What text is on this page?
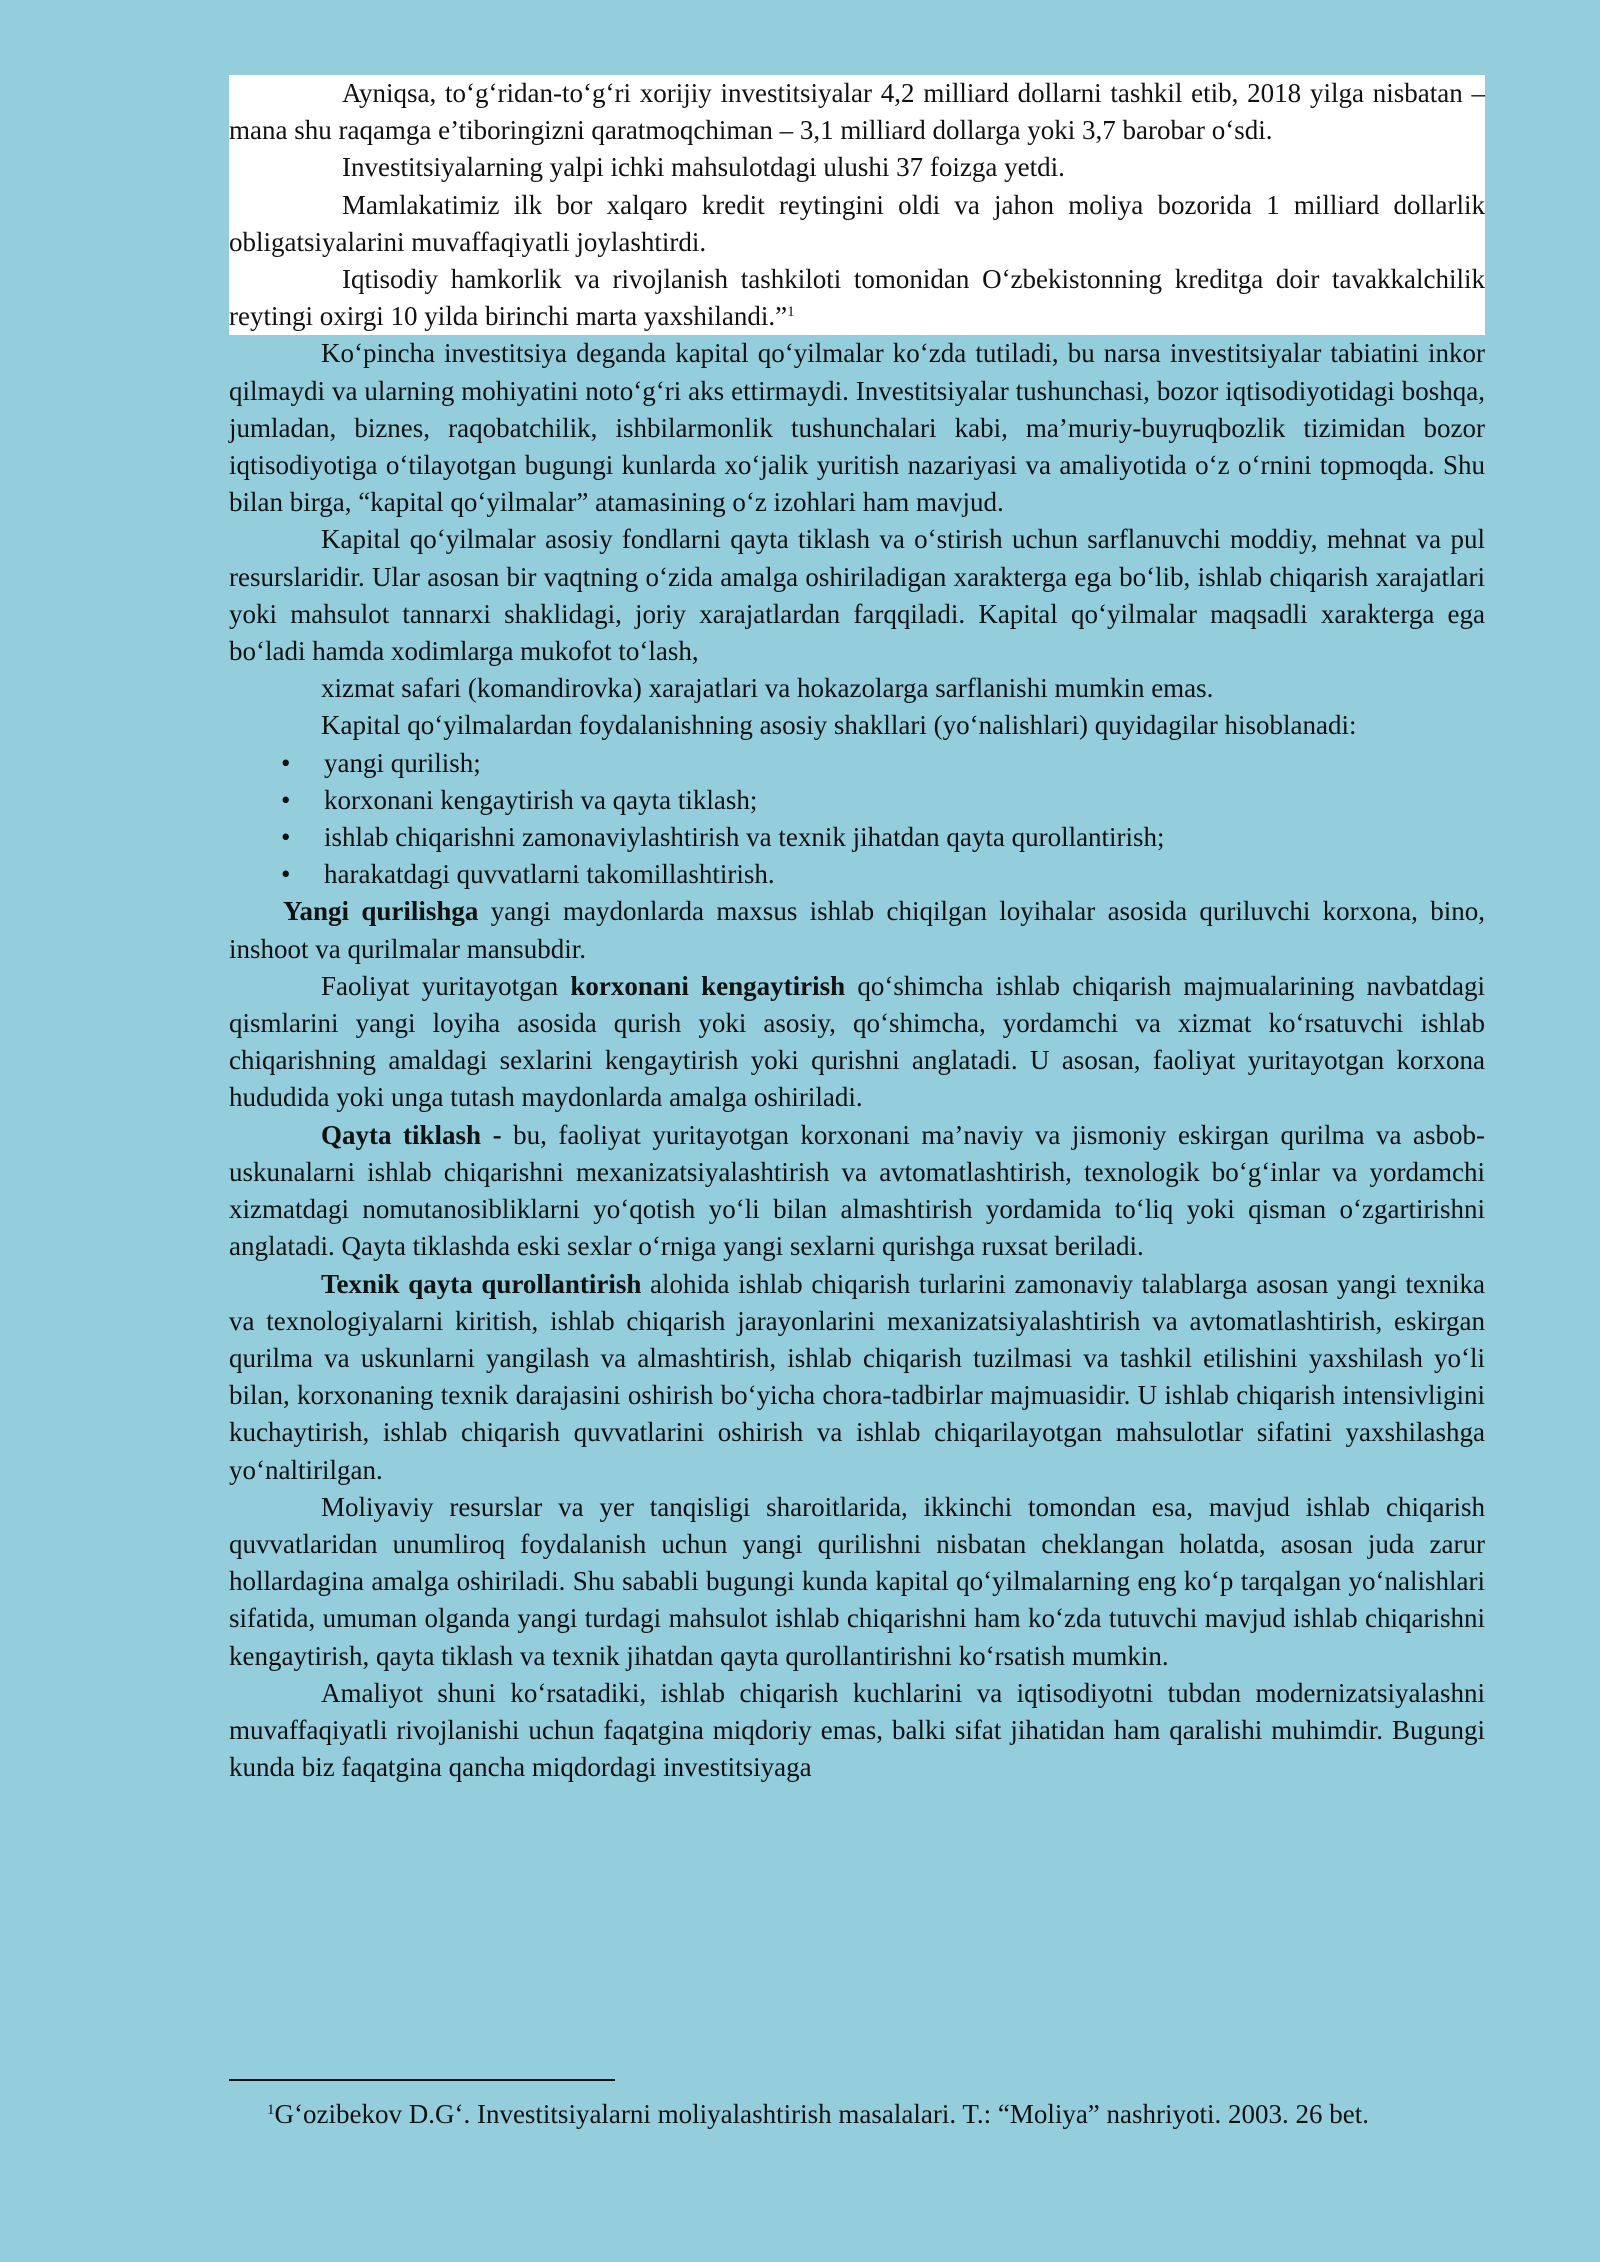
Ayniqsa, to‘g‘ridan-to‘g‘ri xorijiy investitsiyalar 4,2 milliard dollarni tashkil etib, 2018 yilga nisbatan – mana shu raqamga e’tiboringizni qaratmoqchiman – 3,1 milliard dollarga yoki 3,7 barobar o‘sdi.

Investitsiyalarning yalpi ichki mahsulotdagi ulushi 37 foizga yetdi.

Mamlakatimiz ilk bor xalqaro kredit reytingini oldi va jahon moliya bozorida 1 milliard dollarlik obligatsiyalarini muvaffaqiyatli joylashtirdi.

Iqtisodiy hamkorlik va rivojlanish tashkiloti tomonidan O‘zbekistonning kreditga doir tavakkalchilik reytingi oxirgi 10 yilda birinchi marta yaxshilandi.”$^1$

Ko‘pincha investitsiya deganda kapital qo‘yilmalar ko‘zda tutiladi, bu narsa investitsiyalar tabiatini inkor qilmaydi va ularning mohiyatini noto‘g‘ri aks ettirmaydi. Investitsiyalar tushunchasi, bozor iqtisodiyotidagi boshqa, jumladan, biznes, raqobatchilik, ishbilarmonlik tushunchalari kabi, ma’muriy-buyruqbozlik tizimidan bozor iqtisodiyotiga o‘tilayotgan bugungi kunlarda xo‘jalik yuritish nazariyasi va amaliyotida o‘z o‘rnini topmoqda. Shu bilan birga, “kapital qo‘yilmalar” atamasining o‘z izohlari ham mavjud.

Kapital qo‘yilmalar asosiy fondlarni qayta tiklash va o‘stirish uchun sarflanuvchi moddiy, mehnat va pul resurslaridir. Ular asosan bir vaqtning o‘zida amalga oshiriladigan xarakterga ega bo‘lib, ishlab chiqarish xarajatlari yoki mahsulot tannarxi shaklidagi, joriy xarajatlardan farqqiladi. Kapital qo‘yilmalar maqsadli xarakterga ega bo‘ladi hamda xodimlarga mukofot to‘lash,

xizmat safari (komandirovka) xarajatlari va hokazolarga sarflanishi mumkin emas.

Kapital qo‘yilmalardan foydalanishning asosiy shakllari (yo‘nalishlari) quyidagilar hisoblanadi:

• yangi qurilish;
• korxonani kengaytirish va qayta tiklash;
• ishlab chiqarishni zamonaviylashtirish va texnik jihatdan qayta qurollantirish;
• harakatdagi quvvatlarni takomillashtirish.

Yangi qurilishga yangi maydonlarda maxsus ishlab chiqilgan loyihalar asosida quriluvchi korxona, bino, inshoot va qurilmalar mansubdir.

Faoliyat yuritayotgan korxonani kengaytirish qo‘shimcha ishlab chiqarish majmualarining navbatdagi qismlarini yangi loyiha asosida qurish yoki asosiy, qo‘shimcha, yordamchi va xizmat ko‘rsatuvchi ishlab chiqarishning amaldagi sexlarini kengaytirish yoki qurishni anglatadi. U asosan, faoliyat yuritayotgan korxona hududida yoki unga tutash maydonlarda amalga oshiriladi.

Qayta tiklash - bu, faoliyat yuritayotgan korxonani ma’naviy va jismoniy eskirgan qurilma va asbob-uskunalarni ishlab chiqarishni mexanizatsiyalashtirish va avtomatlashtirish, texnologik bo‘g‘inlar va yordamchi xizmatdagi nomutanosibliklarni yo‘qotish yo‘li bilan almashtirish yordamida to‘liq yoki qisman o‘zgartirishni anglatadi. Qayta tiklashda eski sexlar o‘rniga yangi sexlarni qurishga ruxsat beriladi.

Texnik qayta qurollantirish alohida ishlab chiqarish turlarini zamonaviy talablarga asosan yangi texnika va texnologiyalarni kiritish, ishlab chiqarish jarayonlarini mexanizatsiyalashtirish va avtomatlashtirish, eskirgan qurilma va uskunlarni yangilash va almashtirish, ishlab chiqarish tuzilmasi va tashkil etilishini yaxshilash yo‘li bilan, korxonaning texnik darajasini oshirish bo‘yicha chora-tadbirlar majmuasidir. U ishlab chiqarish intensivligini kuchaytirish, ishlab chiqarish quvvatlarini oshirish va ishlab chiqarilayotgan mahsulotlar sifatini yaxshilashga yo‘naltirilgan.

Moliyaviy resurslar va yer tanqisligi sharoitlarida, ikkinchi tomondan esa, mavjud ishlab chiqarish quvvatlaridan unumliroq foydalanish uchun yangi qurilishni nisbatan cheklangan holatda, asosan juda zarur hollardagina amalga oshiriladi. Shu sababli bugungi kunda kapital qo‘yilmalarning eng ko‘p tarqalgan yo‘nalishlari sifatida, umuman olganda yangi turdagi mahsulot ishlab chiqarishni ham ko‘zda tutuvchi mavjud ishlab chiqarishni kengaytirish, qayta tiklash va texnik jihatdan qayta qurollantirishni ko‘rsatish mumkin.

Amaliyot shuni ko‘rsatadiki, ishlab chiqarish kuchlarini va iqtisodiyotni tubdan modernizatsiyalashni muvaffaqiyatli rivojlanishi uchun faqatgina miqdoriy emas, balki sifat jihatidan ham qaralishi muhimdir. Bugungi kunda biz faqatgina qancha miqdordagi investitsiyaga

$^1$G‘ozibekov D.G‘. Investitsiyalarni moliyalashtirish masalalari. T.: “Moliya” nashriyoti. 2003. 26 bet.
